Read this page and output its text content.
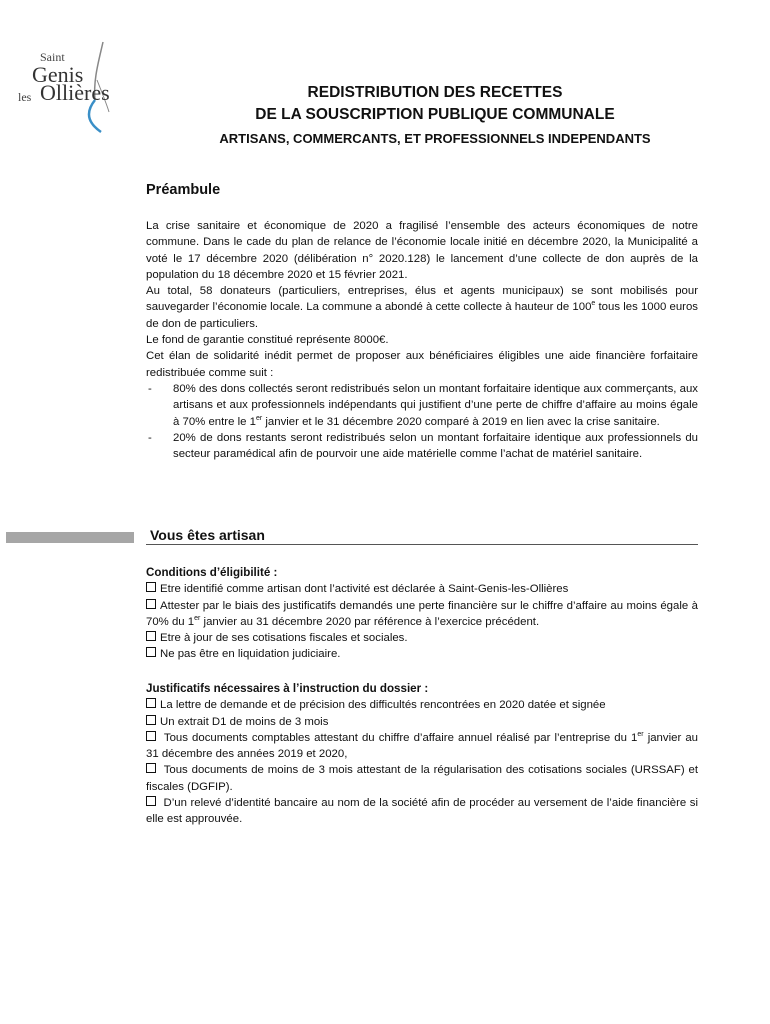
Saint
Genis
les Ollières	REDISTRIBUTION DES RECETTES
DE LA SOUSCRIPTION PUBLIQUE COMMUNALE
ARTISANS, COMMERCANTS, ET PROFESSIONNELS INDEPENDANTS
Préambule
La crise sanitaire et économique de 2020 a fragilisé l’ensemble des acteurs économiques de notre commune. Dans le cade du plan de relance de l’économie locale initié en décembre 2020, la Municipalité a voté le 17 décembre 2020 (délibération n° 2020.128) le lancement d’une collecte de don auprès de la population du 18 décembre 2020 et 15 février 2021.
Au total, 58 donateurs (particuliers, entreprises, élus et agents municipaux) se sont mobilisés pour sauvegarder l’économie locale. La commune a abondé à cette collecte à hauteur de 100e tous les 1000 euros de don de particuliers.
Le fond de garantie constitué représente 8000€.
Cet élan de solidarité inédit permet de proposer aux bénéficiaires éligibles une aide financière forfaitaire redistribuée comme suit :
- 80% des dons collectés seront redistribués selon un montant forfaitaire identique aux commerçants, aux artisans et aux professionnels indépendants qui justifient d’une perte de chiffre d’affaire au moins égale à 70% entre le 1er janvier et le 31 décembre 2020 comparé à 2019 en lien avec la crise sanitaire.
- 20% de dons restants seront redistribués selon un montant forfaitaire identique aux professionnels du secteur paramédical afin de pourvoir une aide matérielle comme l’achat de matériel sanitaire.
Vous êtes artisan
Conditions d’éligibilité :
Etre identifié comme artisan dont l’activité est déclarée à Saint-Genis-les-Ollières
Attester par le biais des justificatifs demandés une perte financière sur le chiffre d’affaire au moins égale à 70% du 1er janvier au 31 décembre 2020 par référence à l’exercice précédent.
Etre à jour de ses cotisations fiscales et sociales.
Ne pas être en liquidation judiciaire.
Justificatifs nécessaires à l’instruction du dossier :
La lettre de demande et de précision des difficultés rencontrées en 2020 datée et signée
Un extrait D1 de moins de 3 mois
Tous documents comptables attestant du chiffre d’affaire annuel réalisé par l’entreprise du 1er janvier au 31 décembre des années 2019 et 2020,
Tous documents de moins de 3 mois attestant de la régularisation des cotisations sociales (URSSAF) et fiscales (DGFIP).
D’un relevé d’identité bancaire au nom de la société afin de procéder au versement de l’aide financière si elle est approuvée.
